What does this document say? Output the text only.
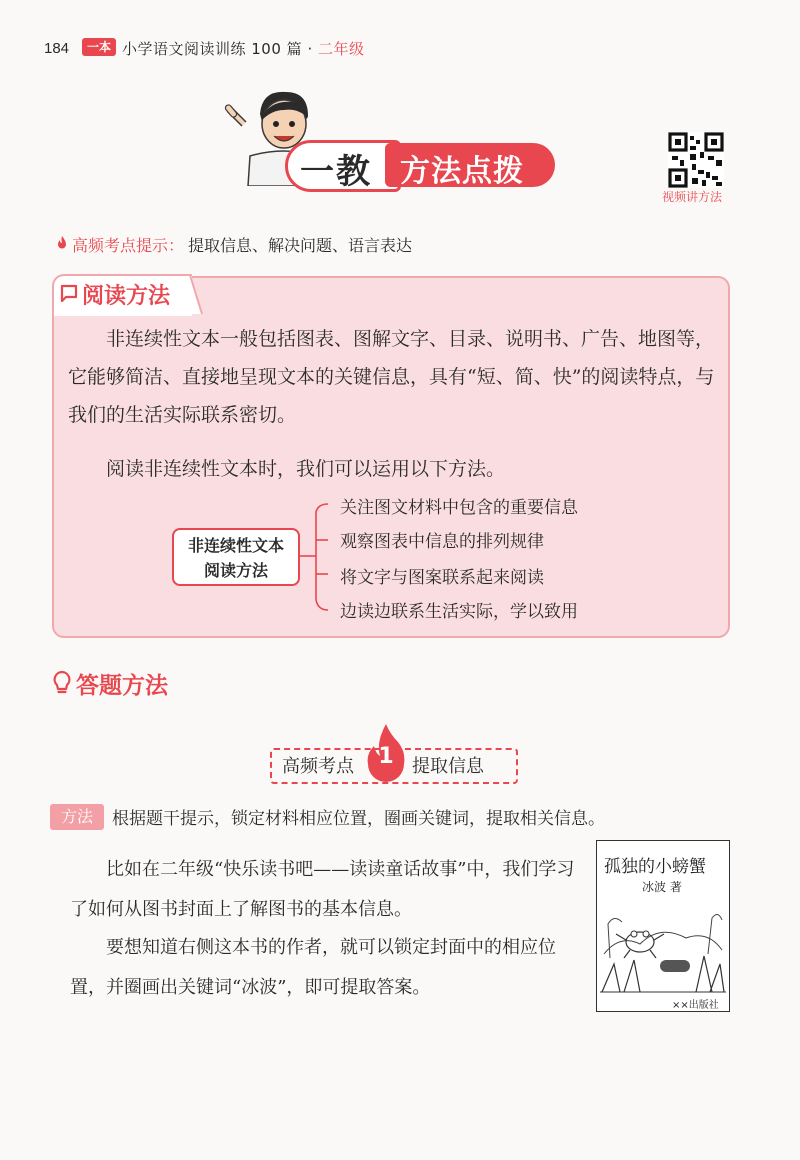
184	一本 小学语文阅读训练 100 篇 · 二年级
一教 方法点拨
视频讲方法
高频考点提示： 提取信息、解决问题、语言表达
阅读方法
非连续性文本一般包括图表、图解文字、目录、说明书、广告、地图等，它能够简洁、直接地呈现文本的关键信息，具有“短、简、快”的阅读特点，与我们的生活实际联系密切。
阅读非连续性文本时，我们可以运用以下方法。
非连续性文本
阅读方法
关注图文材料中包含的重要信息
观察图表中信息的排列规律
将文字与图案联系起来阅读
边读边联系生活实际，学以致用
答题方法
高频考点 1	提取信息
方法	根据题干提示，锁定材料相应位置，圈画关键词，提取相关信息。
比如在二年级“快乐读书吧——读读童话故事”中，我们学习了如何从图书封面上了解图书的基本信息。
要想知道右侧这本书的作者，就可以锁定封面中的相应位置，并圈画出关键词“冰波”，即可提取答案。
孤独的小螃蟹
冰波 著
××出版社
